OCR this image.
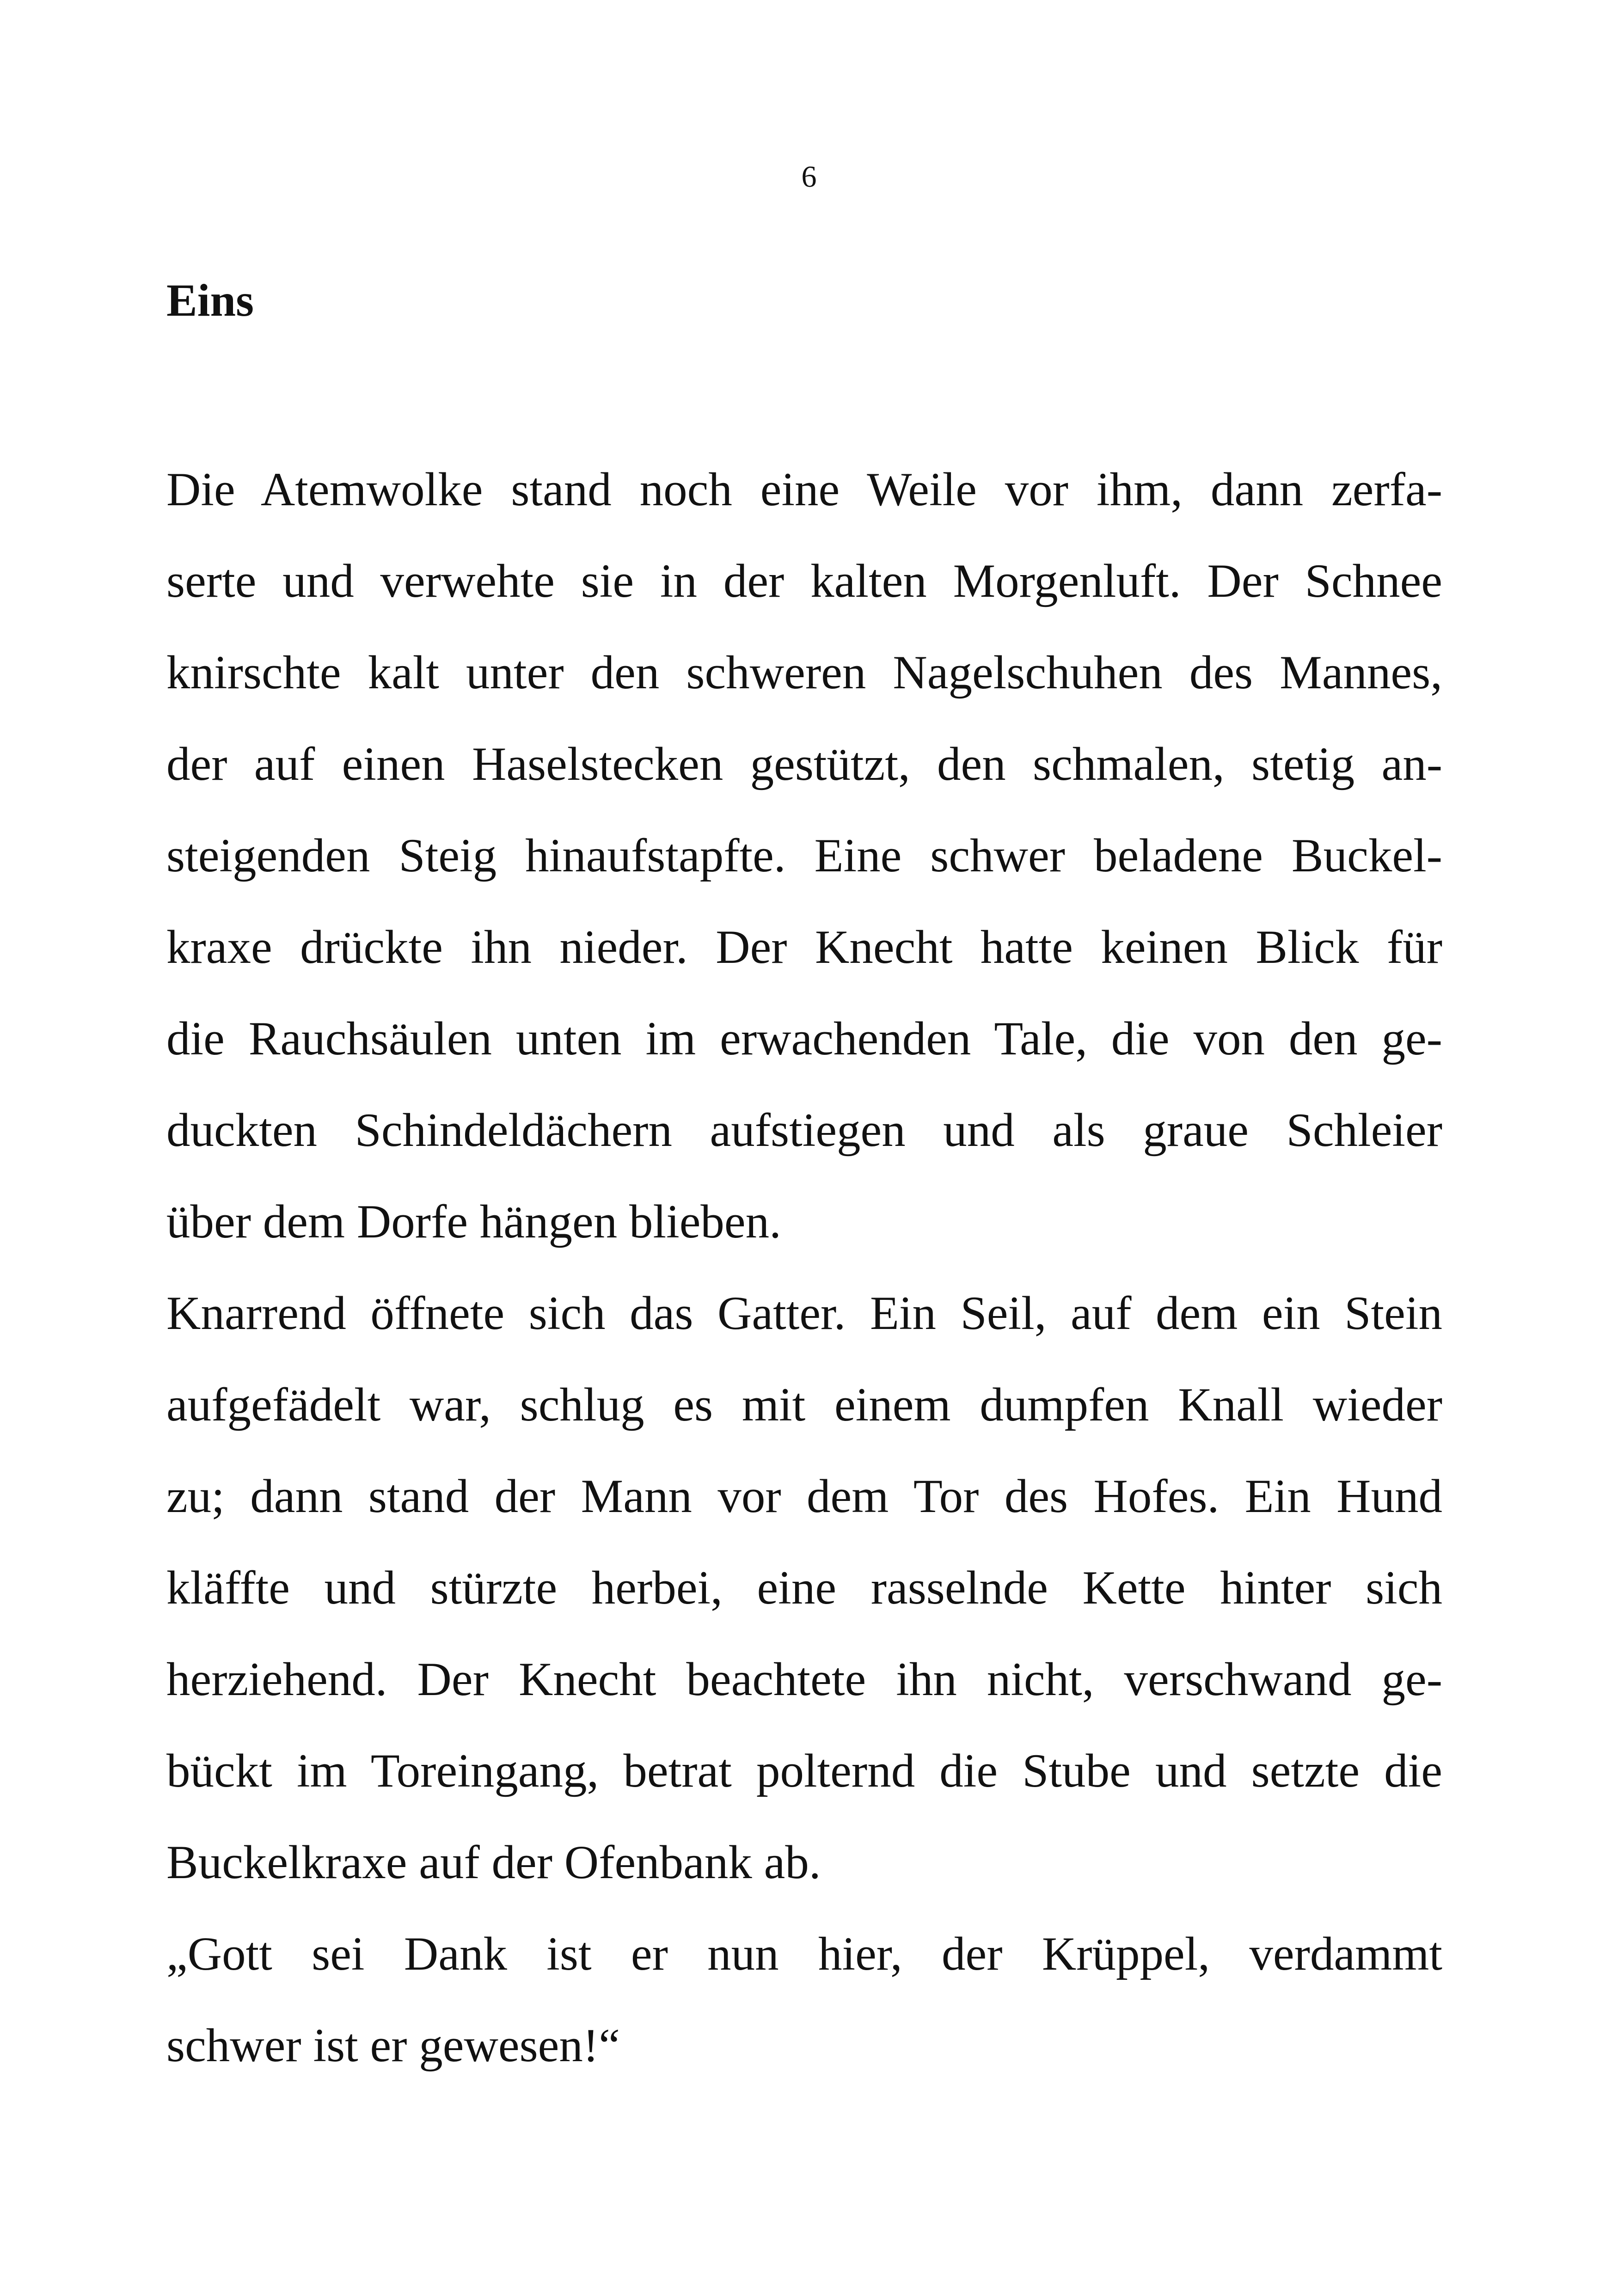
6
Eins
Die Atemwolke stand noch eine Weile vor ihm, dann zerfa-
serte und verwehte sie in der kalten Morgenluft. Der Schnee
knirschte kalt unter den schweren Nagelschuhen des Mannes,
der auf einen Haselstecken gestützt, den schmalen, stetig an-
steigenden Steig hinaufstapfte. Eine schwer beladene Buckel-
kraxe drückte ihn nieder. Der Knecht hatte keinen Blick für
die Rauchsäulen unten im erwachenden Tale, die von den ge-
duckten Schindeldächern aufstiegen und als graue Schleier
über dem Dorfe hängen blieben.
Knarrend öffnete sich das Gatter. Ein Seil, auf dem ein Stein
aufgefädelt war, schlug es mit einem dumpfen Knall wieder
zu; dann stand der Mann vor dem Tor des Hofes. Ein Hund
kläffte und stürzte herbei, eine rasselnde Kette hinter sich
herziehend. Der Knecht beachtete ihn nicht, verschwand ge-
bückt im Toreingang, betrat polternd die Stube und setzte die
Buckelkraxe auf der Ofenbank ab.
„Gott sei Dank ist er nun hier, der Krüppel, verdammt
schwer ist er gewesen!“
